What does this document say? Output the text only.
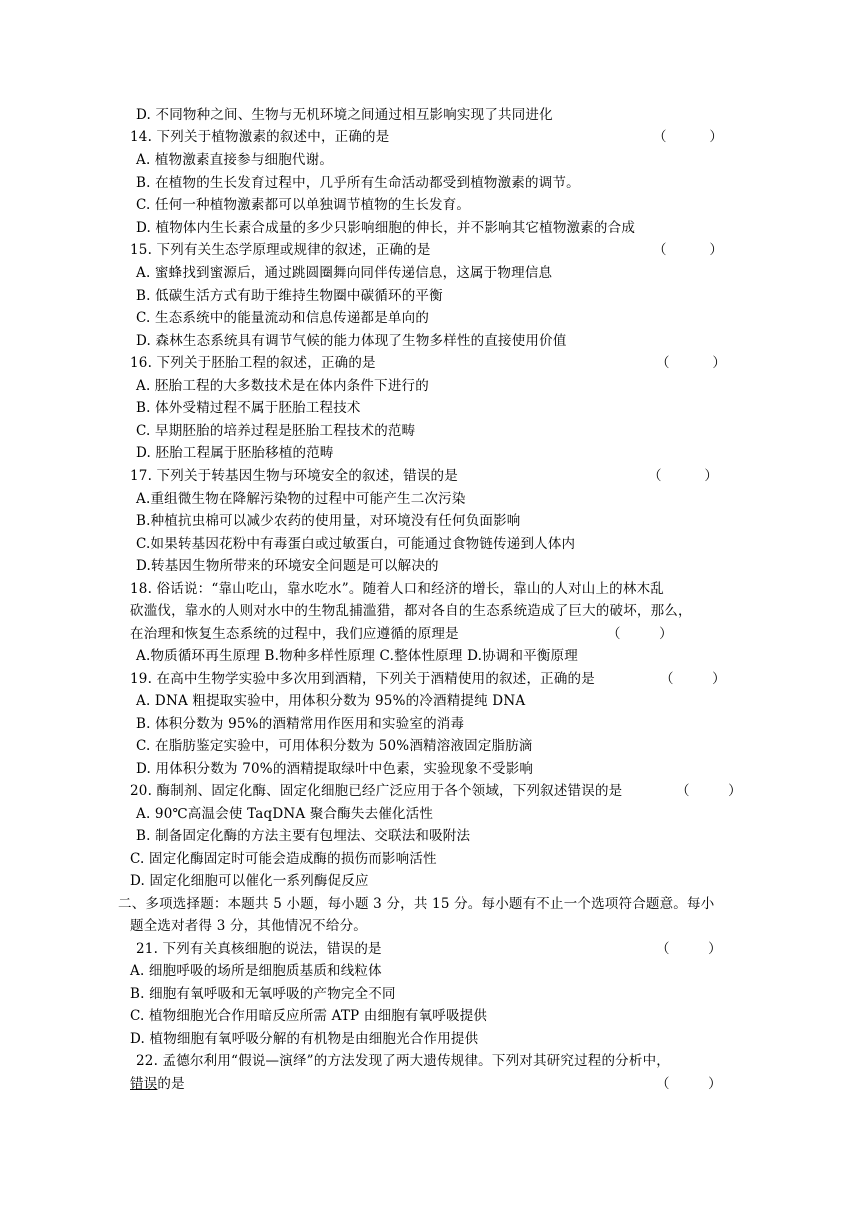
D. 不同物种之间、生物与无机环境之间通过相互影响实现了共同进化
14. 下列关于植物激素的叙述中，正确的是	（          ）
A. 植物激素直接参与细胞代谢。
B. 在植物的生长发育过程中，几乎所有生命活动都受到植物激素的调节。
C. 任何一种植物激素都可以单独调节植物的生长发育。
D. 植物体内生长素合成量的多少只影响细胞的伸长，并不影响其它植物激素的合成
15. 下列有关生态学原理或规律的叙述，正确的是	（          ）
A. 蜜蜂找到蜜源后，通过跳圆圈舞向同伴传递信息，这属于物理信息
B. 低碳生活方式有助于维持生物圈中碳循环的平衡
C. 生态系统中的能量流动和信息传递都是单向的
D. 森林生态系统具有调节气候的能力体现了生物多样性的直接使用价值
16. 下列关于胚胎工程的叙述，正确的是	（          ）
A. 胚胎工程的大多数技术是在体内条件下进行的
B. 体外受精过程不属于胚胎工程技术
C. 早期胚胎的培养过程是胚胎工程技术的范畴
D. 胚胎工程属于胚胎移植的范畴
17. 下列关于转基因生物与环境安全的叙述，错误的是	（          ）
A.重组微生物在降解污染物的过程中可能产生二次污染
B.种植抗虫棉可以减少农药的使用量，对环境没有任何负面影响
C.如果转基因花粉中有毒蛋白或过敏蛋白，可能通过食物链传递到人体内
D.转基因生物所带来的环境安全问题是可以解决的
18. 俗话说：“靠山吃山，靠水吃水”。随着人口和经济的增长，靠山的人对山上的林木乱
砍滥伐，靠水的人则对水中的生物乱捕滥猎，都对各自的生态系统造成了巨大的破坏，那么，
在治理和恢复生态系统的过程中，我们应遵循的原理是	（         ）
A.物质循环再生原理 B.物种多样性原理 C.整体性原理 D.协调和平衡原理
19. 在高中生物学实验中多次用到酒精，下列关于酒精使用的叙述，正确的是	（         ）
A. DNA 粗提取实验中，用体积分数为 95%的冷酒精提纯 DNA
B. 体积分数为 95%的酒精常用作医用和实验室的消毒
C. 在脂肪鉴定实验中，可用体积分数为 50%酒精溶液固定脂肪滴
D. 用体积分数为 70%的酒精提取绿叶中色素，实验现象不受影响
20. 酶制剂、固定化酶、固定化细胞已经广泛应用于各个领域，下列叙述错误的是	（         ）
A. 90℃高温会使 TaqDNA 聚合酶失去催化活性
B. 制备固定化酶的方法主要有包埋法、交联法和吸附法
C. 固定化酶固定时可能会造成酶的损伤而影响活性
D. 固定化细胞可以催化一系列酶促反应
二、多项选择题：本题共 5 小题，每小题 3 分，共 15 分。每小题有不止一个选项符合题意。每小
题全选对者得 3 分，其他情况不给分。
21. 下列有关真核细胞的说法，错误的是	（         ）
A. 细胞呼吸的场所是细胞质基质和线粒体
B. 细胞有氧呼吸和无氧呼吸的产物完全不同
C. 植物细胞光合作用暗反应所需 ATP 由细胞有氧呼吸提供
D. 植物细胞有氧呼吸分解的有机物是由细胞光合作用提供
22. 孟德尔利用“假说—演绎”的方法发现了两大遗传规律。下列对其研究过程的分析中，
错误的是	（         ）
